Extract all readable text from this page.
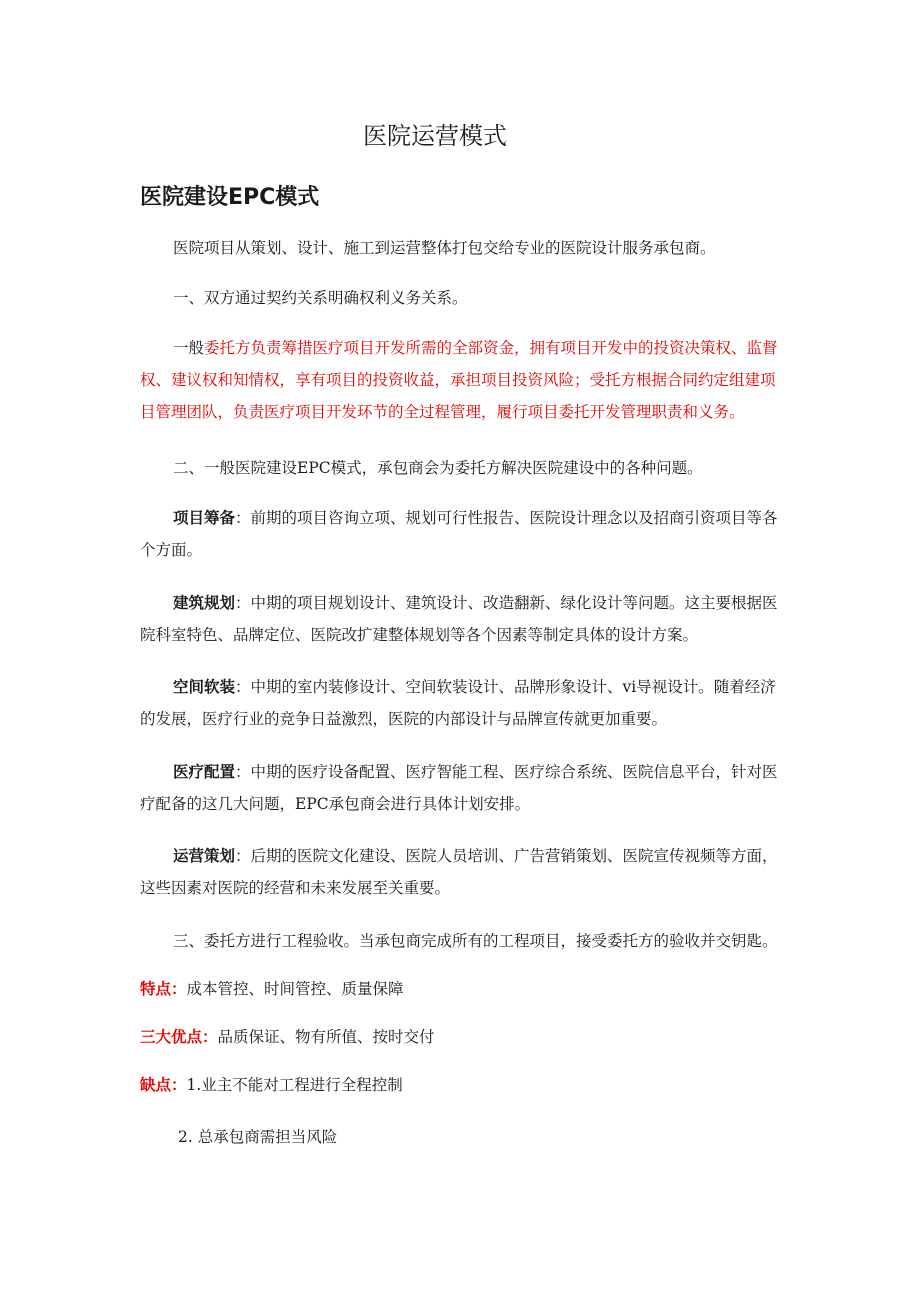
医院运营模式
医院建设EPC模式

医院项目从策划、设计、施工到运营整体打包交给专业的医院设计服务承包商。

一、双方通过契约关系明确权利义务关系。

一般委托方负责筹措医疗项目开发所需的全部资金，拥有项目开发中的投资决策权、监督权、建议权和知情权，享有项目的投资收益，承担项目投资风险；受托方根据合同约定组建项目管理团队，负责医疗项目开发环节的全过程管理，履行项目委托开发管理职责和义务。

二、一般医院建设EPC模式，承包商会为委托方解决医院建设中的各种问题。

项目筹备：前期的项目咨询立项、规划可行性报告、医院设计理念以及招商引资项目等各个方面。

建筑规划：中期的项目规划设计、建筑设计、改造翻新、绿化设计等问题。这主要根据医院科室特色、品牌定位、医院改扩建整体规划等各个因素等制定具体的设计方案。

空间软装：中期的室内装修设计、空间软装设计、品牌形象设计、vi导视设计。随着经济的发展，医疗行业的竞争日益激烈，医院的内部设计与品牌宣传就更加重要。

医疗配置：中期的医疗设备配置、医疗智能工程、医疗综合系统、医院信息平台，针对医疗配备的这几大问题，EPC承包商会进行具体计划安排。

运营策划：后期的医院文化建设、医院人员培训、广告营销策划、医院宣传视频等方面，这些因素对医院的经营和未来发展至关重要。

三、委托方进行工程验收。当承包商完成所有的工程项目，接受委托方的验收并交钥匙。

特点：成本管控、时间管控、质量保障

三大优点：品质保证、物有所值、按时交付

缺点：1.业主不能对工程进行全程控制

2. 总承包商需担当风险
